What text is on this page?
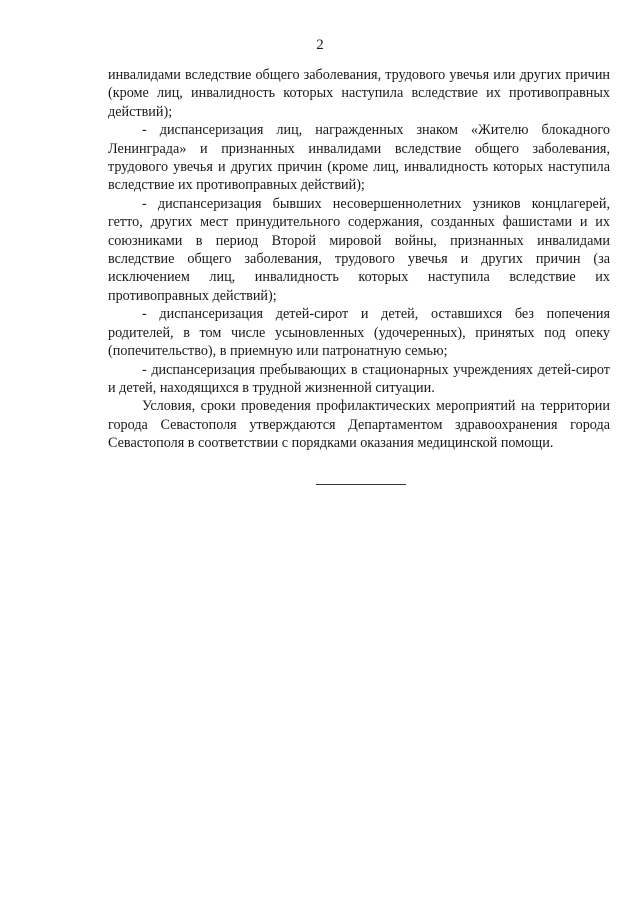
2

инвалидами вследствие общего заболевания, трудового увечья или других причин (кроме лиц, инвалидность которых наступила вследствие их противоправных действий);

- диспансеризация лиц, награжденных знаком «Жителю блокадного Ленинграда» и признанных инвалидами вследствие общего заболевания, трудового увечья и других причин (кроме лиц, инвалидность которых наступила вследствие их противоправных действий);

- диспансеризация бывших несовершеннолетних узников концлагерей, гетто, других мест принудительного содержания, созданных фашистами и их союзниками в период Второй мировой войны, признанных инвалидами вследствие общего заболевания, трудового увечья и других причин (за исключением лиц, инвалидность которых наступила вследствие их противоправных действий);

- диспансеризация детей-сирот и детей, оставшихся без попечения родителей, в том числе усыновленных (удочеренных), принятых под опеку (попечительство), в приемную или патронатную семью;

- диспансеризация пребывающих в стационарных учреждениях детей-сирот и детей, находящихся в трудной жизненной ситуации.

Условия, сроки проведения профилактических мероприятий на территории города Севастополя утверждаются Департаментом здравоохранения города Севастополя в соответствии с порядками оказания медицинской помощи.
